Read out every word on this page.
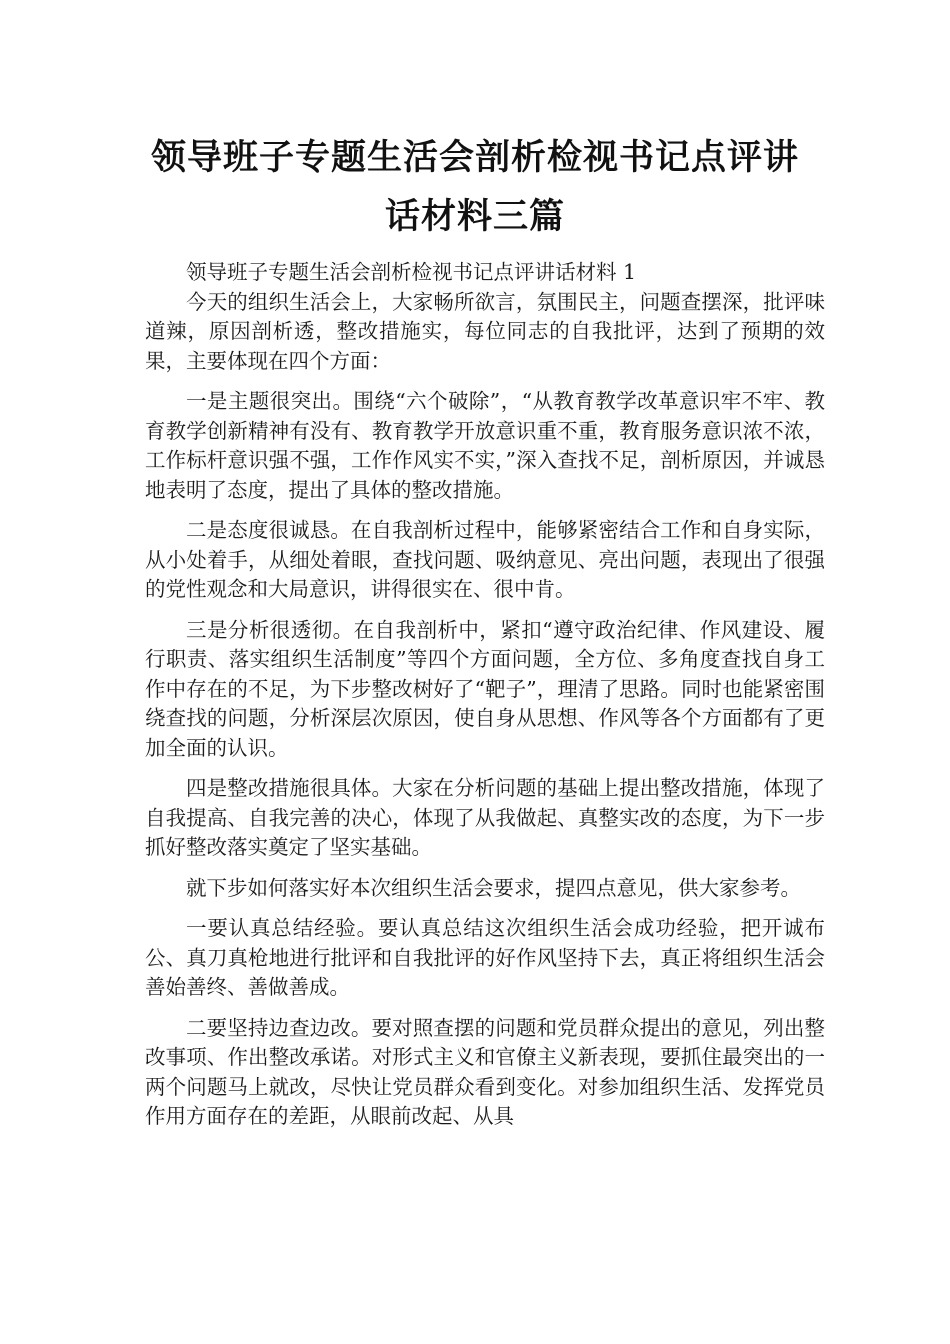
领导班子专题生活会剖析检视书记点评讲
话材料三篇

领导班子专题生活会剖析检视书记点评讲话材料 1

今天的组织生活会上，大家畅所欲言，氛围民主，问题查摆深，批评味道辣，原因剖析透，整改措施实，每位同志的自我批评，达到了预期的效果，主要体现在四个方面：

一是主题很突出。围绕“六个破除”，“从教育教学改革意识牢不牢、教育教学创新精神有没有、教育教学开放意识重不重，教育服务意识浓不浓，工作标杆意识强不强，工作作风实不实，”深入查找不足，剖析原因，并诚恳地表明了态度，提出了具体的整改措施。

二是态度很诚恳。在自我剖析过程中，能够紧密结合工作和自身实际，从小处着手，从细处着眼，查找问题、吸纳意见、亮出问题，表现出了很强的党性观念和大局意识，讲得很实在、很中肯。

三是分析很透彻。在自我剖析中，紧扣“遵守政治纪律、作风建设、履行职责、落实组织生活制度”等四个方面问题，全方位、多角度查找自身工作中存在的不足，为下步整改树好了“靶子”，理清了思路。同时也能紧密围绕查找的问题，分析深层次原因，使自身从思想、作风等各个方面都有了更加全面的认识。

四是整改措施很具体。大家在分析问题的基础上提出整改措施，体现了自我提高、自我完善的决心，体现了从我做起、真整实改的态度，为下一步抓好整改落实奠定了坚实基础。

就下步如何落实好本次组织生活会要求，提四点意见，供大家参考。

一要认真总结经验。要认真总结这次组织生活会成功经验，把开诚布公、真刀真枪地进行批评和自我批评的好作风坚持下去，真正将组织生活会善始善终、善做善成。

二要坚持边查边改。要对照查摆的问题和党员群众提出的意见，列出整改事项、作出整改承诺。对形式主义和官僚主义新表现，要抓住最突出的一两个问题马上就改，尽快让党员群众看到变化。对参加组织生活、发挥党员作用方面存在的差距，从眼前改起、从具
